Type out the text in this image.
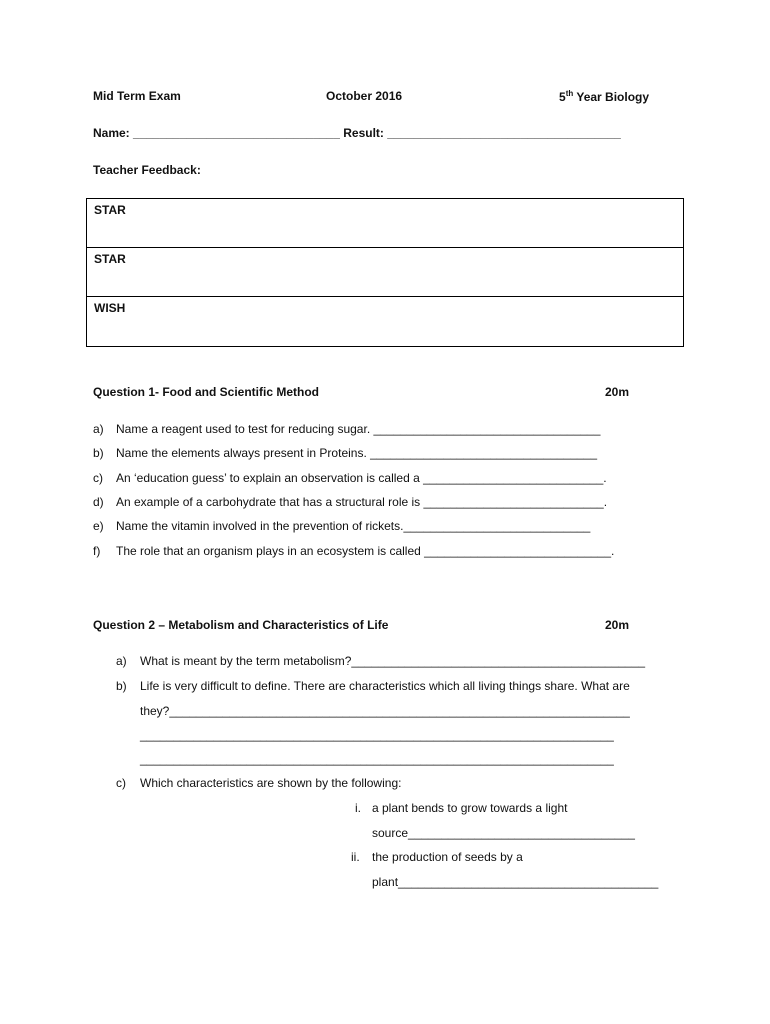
Mid Term Exam	October 2016	5th Year Biology
Name: _______________________________ Result: ___________________________________
Teacher Feedback:
STAR
STAR
WISH
Question 1- Food and Scientific Method	20m
a) Name a reagent used to test for reducing sugar. __________________________________
b) Name the elements always present in Proteins. __________________________________
c) An ‘education guess’ to explain an observation is called a ___________________________.
d) An example of a carbohydrate that has a structural role is ___________________________.
e) Name the vitamin involved in the prevention of rickets.____________________________
f) The role that an organism plays in an ecosystem is called ____________________________.
Question 2 – Metabolism and Characteristics of Life	20m
a) What is meant by the term metabolism?____________________________________________
b) Life is very difficult to define. There are characteristics which all living things share. What are
they?_____________________________________________________________________
_______________________________________________________________________
_______________________________________________________________________
c) Which characteristics are shown by the following:
i. a plant bends to grow towards a light
source__________________________________
ii. the production of seeds by a
plant_______________________________________
